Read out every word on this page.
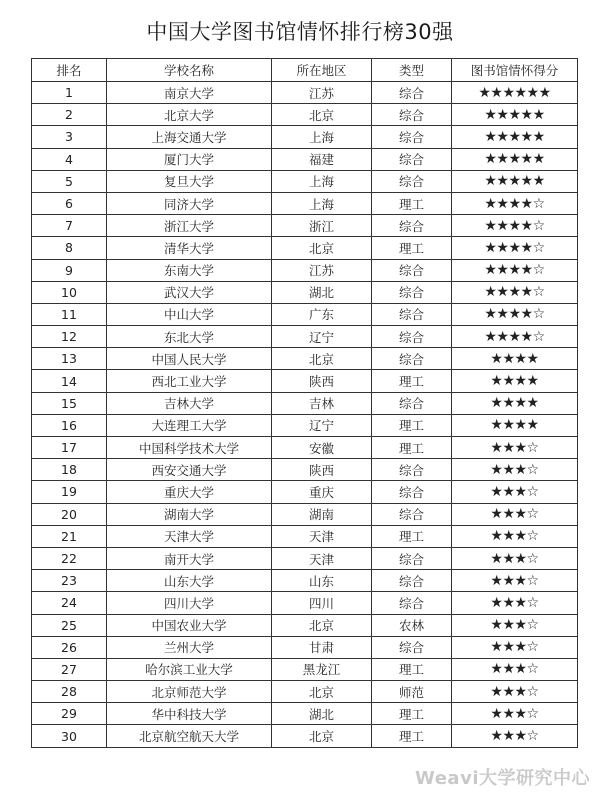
中国大学图书馆情怀排行榜30强
排名	学校名称	所在地区	类型	图书馆情怀得分
1	南京大学	江苏	综合	★★★★★★
2	北京大学	北京	综合	★★★★★
3	上海交通大学	上海	综合	★★★★★
4	厦门大学	福建	综合	★★★★★
5	复旦大学	上海	综合	★★★★★
6	同济大学	上海	理工	★★★★☆
7	浙江大学	浙江	综合	★★★★☆
8	清华大学	北京	理工	★★★★☆
9	东南大学	江苏	综合	★★★★☆
10	武汉大学	湖北	综合	★★★★☆
11	中山大学	广东	综合	★★★★☆
12	东北大学	辽宁	综合	★★★★☆
13	中国人民大学	北京	综合	★★★★
14	西北工业大学	陕西	理工	★★★★
15	吉林大学	吉林	综合	★★★★
16	大连理工大学	辽宁	理工	★★★★
17	中国科学技术大学	安徽	理工	★★★☆
18	西安交通大学	陕西	综合	★★★☆
19	重庆大学	重庆	综合	★★★☆
20	湖南大学	湖南	综合	★★★☆
21	天津大学	天津	理工	★★★☆
22	南开大学	天津	综合	★★★☆
23	山东大学	山东	综合	★★★☆
24	四川大学	四川	综合	★★★☆
25	中国农业大学	北京	农林	★★★☆
26	兰州大学	甘肃	综合	★★★☆
27	哈尔滨工业大学	黑龙江	理工	★★★☆
28	北京师范大学	北京	师范	★★★☆
29	华中科技大学	湖北	理工	★★★☆
30	北京航空航天大学	北京	理工	★★★☆
Weavi大学研究中心
